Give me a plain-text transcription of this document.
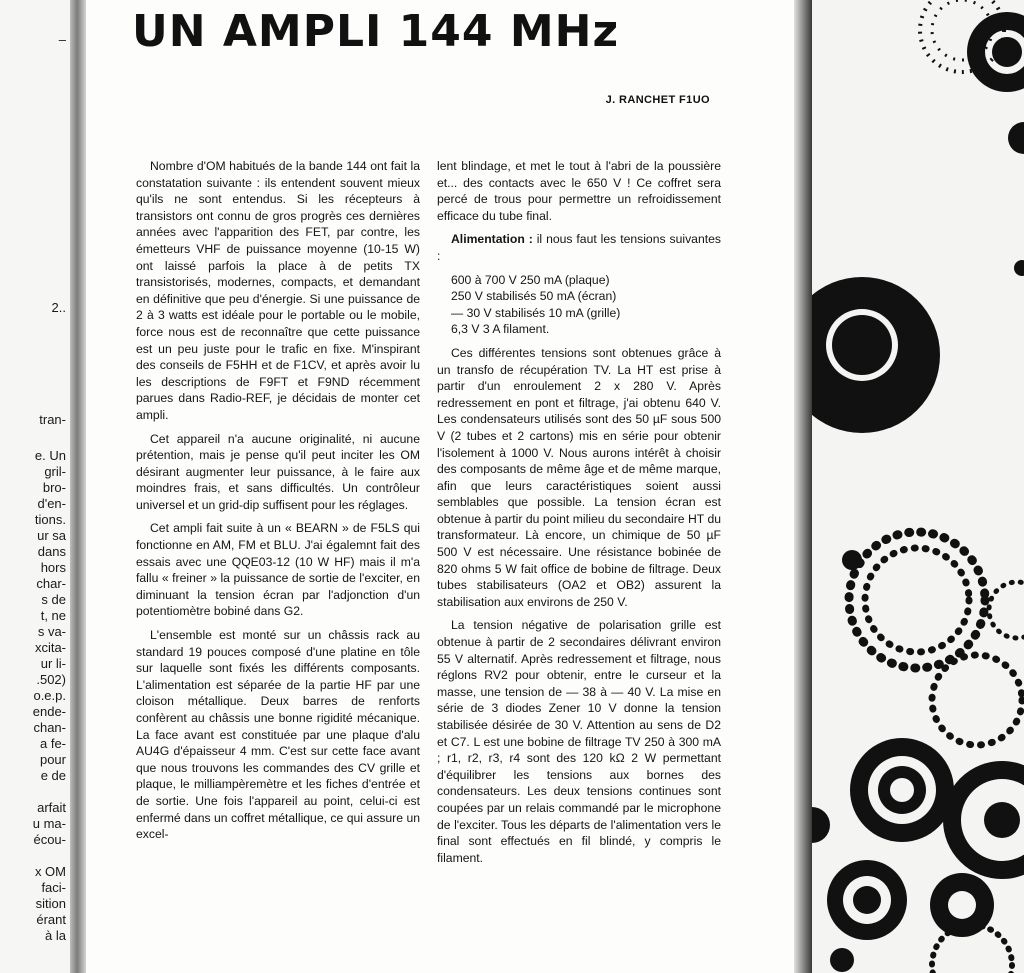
–
2..
tran-
e. Un
gril-
bro-
d'en-
tions.
ur sa
dans
hors
char-
s de
t, ne
s va-
xcita-
ur li-
.502)
o.e.p.
ende-
chan-
a fe-
pour
e de
arfait
u ma-
écou-
x OM
faci-
sition
érant
à la
UN AMPLI 144 MHz
J. RANCHET F1UO

Nombre d'OM habitués de la bande 144 ont fait la constatation suivante : ils entendent souvent mieux qu'ils ne sont entendus. Si les récepteurs à transistors ont connu de gros progrès ces dernières années avec l'apparition des FET, par contre, les émetteurs VHF de puissance moyenne (10-15 W) ont laissé parfois la place à de petits TX transistorisés, modernes, compacts, et demandant en définitive que peu d'énergie. Si une puissance de 2 à 3 watts est idéale pour le portable ou le mobile, force nous est de reconnaître que cette puissance est un peu juste pour le trafic en fixe. M'inspirant des conseils de F5HH et de F1CV, et après avoir lu les descriptions de F9FT et F9ND récemment parues dans Radio-REF, je décidais de monter cet ampli.

Cet appareil n'a aucune originalité, ni aucune prétention, mais je pense qu'il peut inciter les OM désirant augmenter leur puissance, à le faire aux moindres frais, et sans difficultés. Un contrôleur universel et un grid-dip suffisent pour les réglages.

Cet ampli fait suite à un « BEARN » de F5LS qui fonctionne en AM, FM et BLU. J'ai égalemnt fait des essais avec une QQE03-12 (10 W HF) mais il m'a fallu « freiner » la puissance de sortie de l'exciter, en diminuant la tension écran par l'adjonction d'un potentiomètre bobiné dans G2.

L'ensemble est monté sur un châssis rack au standard 19 pouces composé d'une platine en tôle sur laquelle sont fixés les différents composants. L'alimentation est séparée de la partie HF par une cloison métallique. Deux barres de renforts confèrent au châssis une bonne rigidité mécanique. La face avant est constituée par une plaque d'alu AU4G d'épaisseur 4 mm. C'est sur cette face avant que nous trouvons les commandes des CV grille et plaque, le milliampèremètre et les fiches d'entrée et de sortie. Une fois l'appareil au point, celui-ci est enfermé dans un coffret métallique, ce qui assure un excel-

lent blindage, et met le tout à l'abri de la poussière et... des contacts avec le 650 V ! Ce coffret sera percé de trous pour permettre un refroidissement efficace du tube final.

Alimentation : il nous faut les tensions suivantes :

600 à 700 V 250 mA (plaque)

250 V stabilisés 50 mA (écran)

— 30 V stabilisés 10 mA (grille)

6,3 V 3 A filament.

Ces différentes tensions sont obtenues grâce à un transfo de récupération TV. La HT est prise à partir d'un enroulement 2 x 280 V. Après redressement en pont et filtrage, j'ai obtenu 640 V. Les condensateurs utilisés sont des 50 µF sous 500 V (2 tubes et 2 cartons) mis en série pour obtenir l'isolement à 1000 V. Nous aurons intérêt à choisir des composants de même âge et de même marque, afin que leurs caractéristiques soient aussi semblables que possible. La tension écran est obtenue à partir du point milieu du secondaire HT du transformateur. Là encore, un chimique de 50 µF 500 V est nécessaire. Une résistance bobinée de 820 ohms 5 W fait office de bobine de filtrage. Deux tubes stabilisateurs (OA2 et OB2) assurent la stabilisation aux environs de 250 V.

La tension négative de polarisation grille est obtenue à partir de 2 secondaires délivrant environ 55 V alternatif. Après redressement et filtrage, nous réglons RV2 pour obtenir, entre le curseur et la masse, une tension de — 38 à — 40 V. La mise en série de 3 diodes Zener 10 V donne la tension stabilisée désirée de 30 V. Attention au sens de D2 et C7. L est une bobine de filtrage TV 250 à 300 mA ; r1, r2, r3, r4 sont des 120 kΩ 2 W permettant d'équilibrer les tensions aux bornes des condensateurs. Les deux tensions continues sont coupées par un relais commandé par le microphone de l'exciter. Tous les départs de l'alimentation vers le final sont effectués en fil blindé, y compris le filament.
